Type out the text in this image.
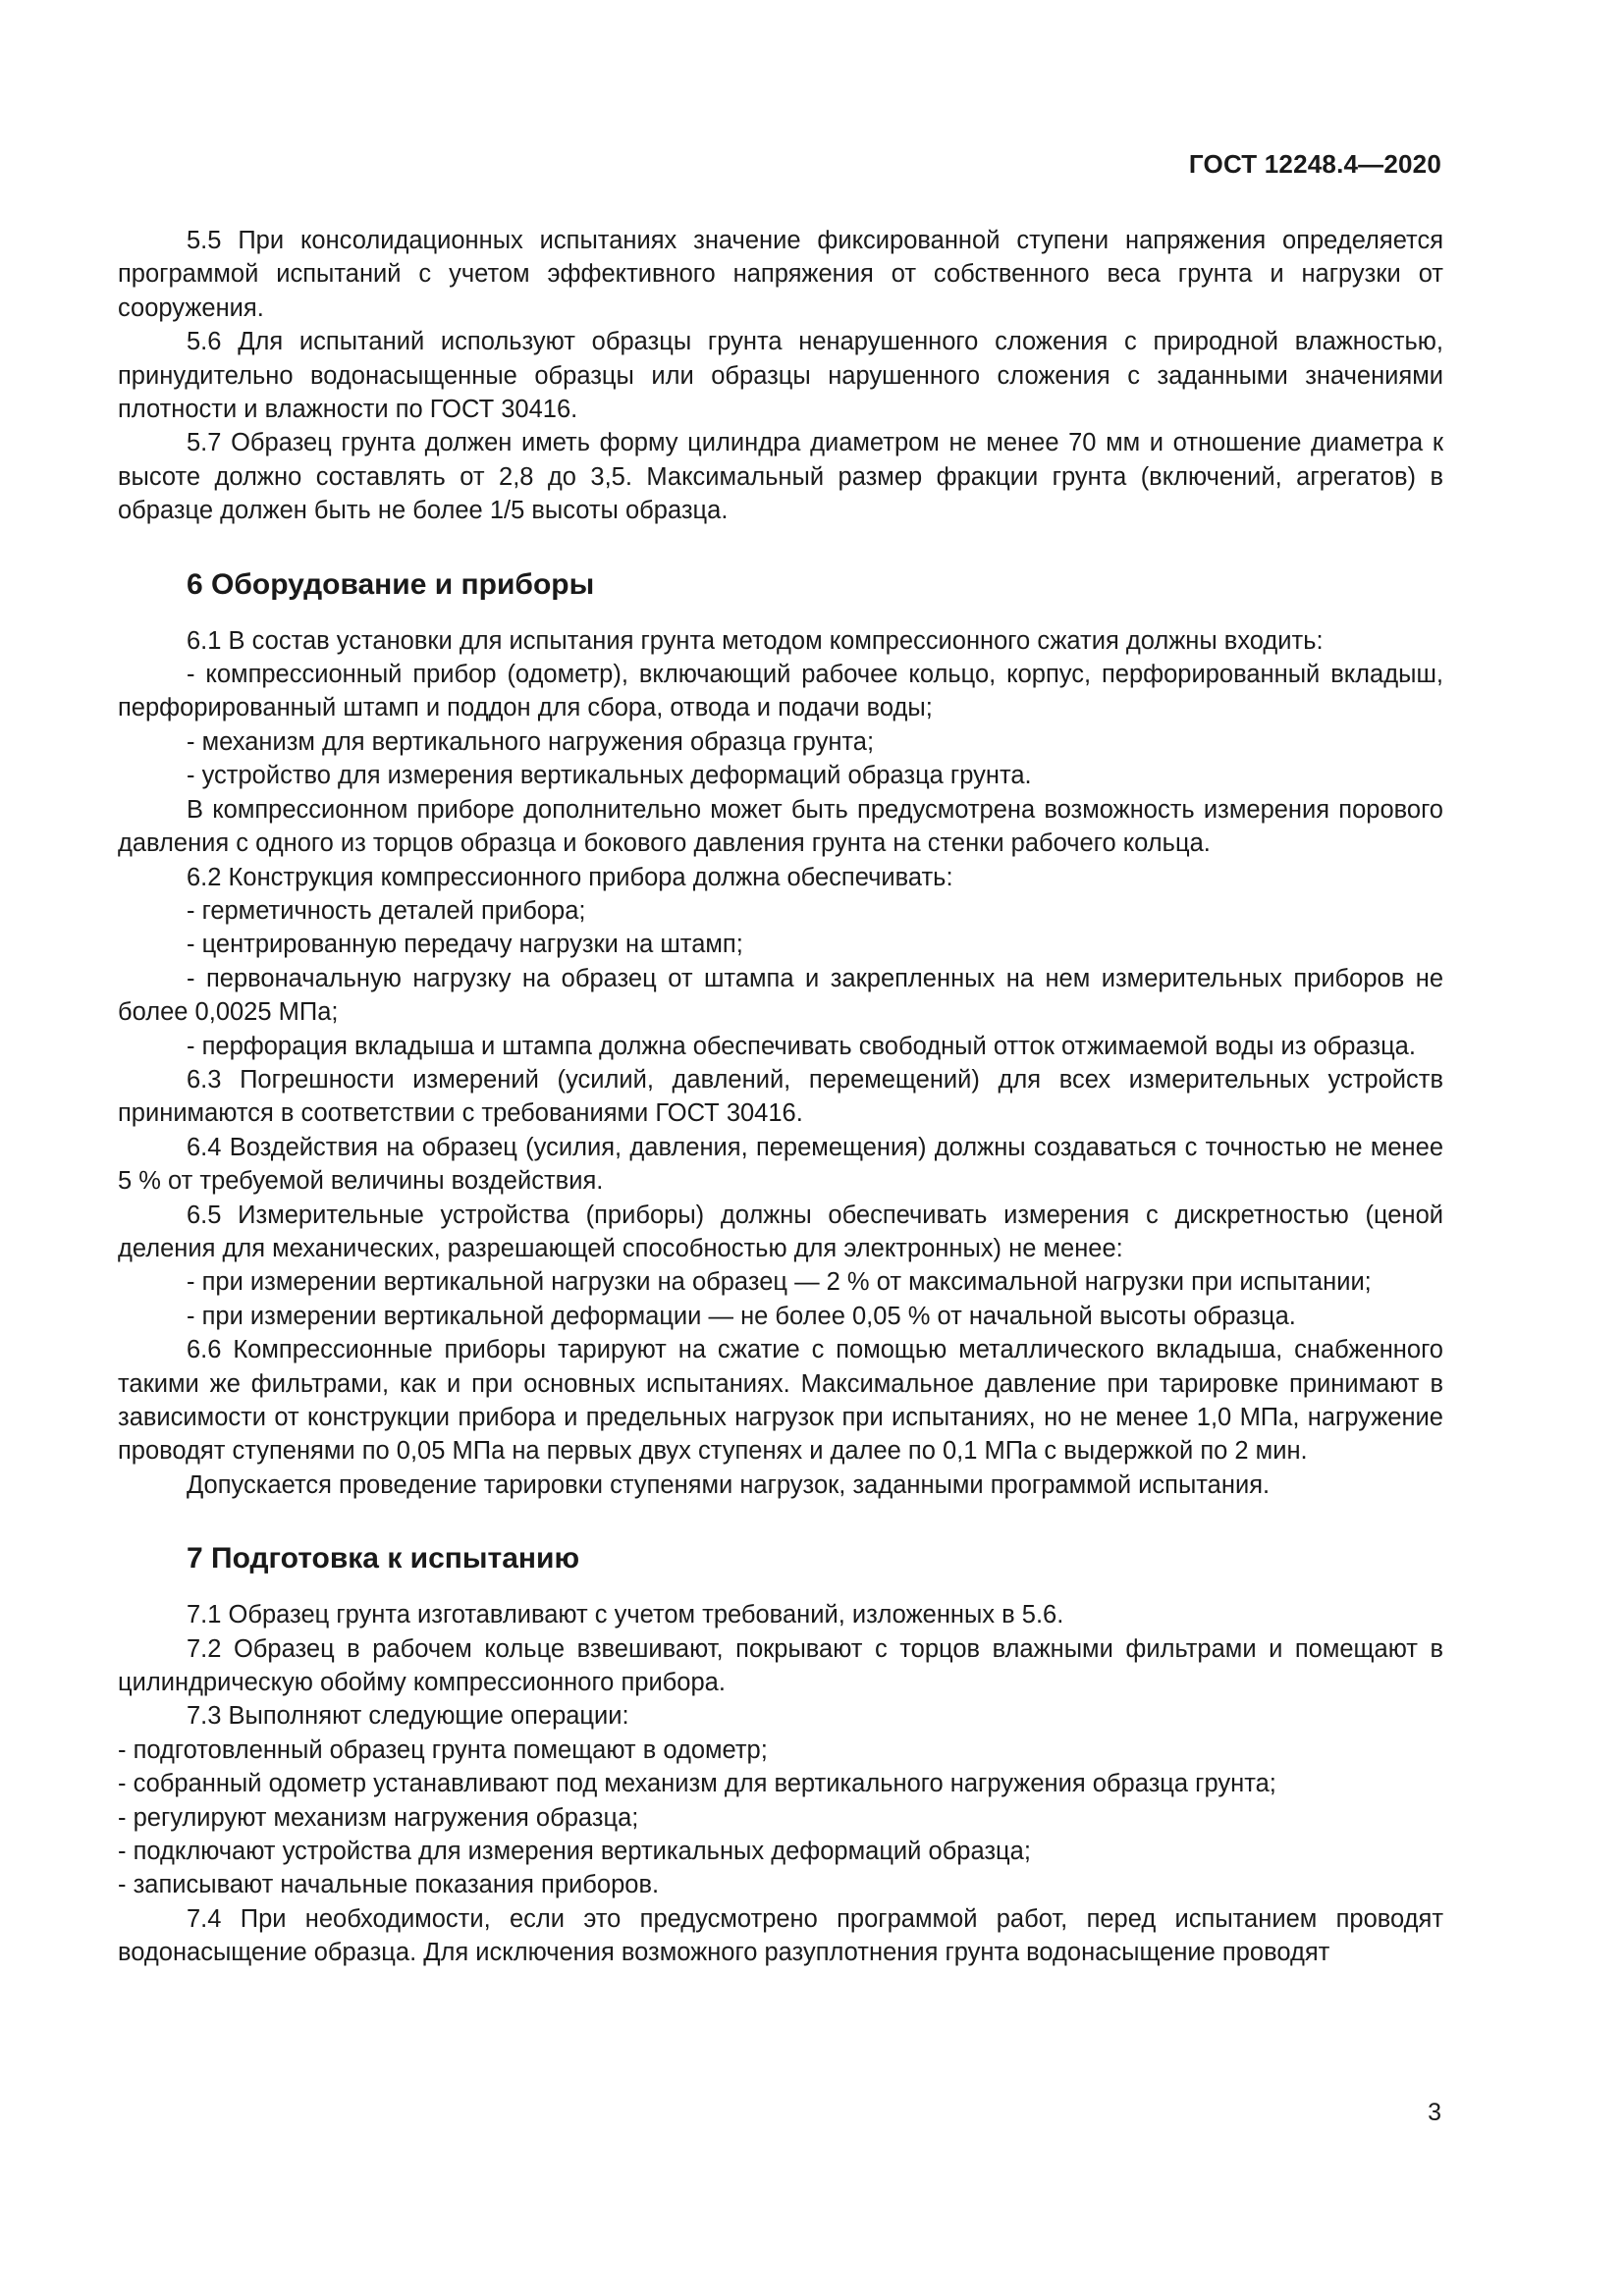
ГОСТ 12248.4—2020

5.5 При консолидационных испытаниях значение фиксированной ступени напряжения определяется программой испытаний с учетом эффективного напряжения от собственного веса грунта и нагрузки от сооружения.

5.6 Для испытаний используют образцы грунта ненарушенного сложения с природной влажностью, принудительно водонасыщенные образцы или образцы нарушенного сложения с заданными значениями плотности и влажности по ГОСТ 30416.

5.7 Образец грунта должен иметь форму цилиндра диаметром не менее 70 мм и отношение диаметра к высоте должно составлять от 2,8 до 3,5. Максимальный размер фракции грунта (включений, агрегатов) в образце должен быть не более 1/5 высоты образца.

6 Оборудование и приборы

6.1 В состав установки для испытания грунта методом компрессионного сжатия должны входить:

- компрессионный прибор (одометр), включающий рабочее кольцо, корпус, перфорированный вкладыш, перфорированный штамп и поддон для сбора, отвода и подачи воды;

- механизм для вертикального нагружения образца грунта;

- устройство для измерения вертикальных деформаций образца грунта.

В компрессионном приборе дополнительно может быть предусмотрена возможность измерения порового давления с одного из торцов образца и бокового давления грунта на стенки рабочего кольца.

6.2 Конструкция компрессионного прибора должна обеспечивать:

- герметичность деталей прибора;

- центрированную передачу нагрузки на штамп;

- первоначальную нагрузку на образец от штампа и закрепленных на нем измерительных приборов не более 0,0025 МПа;

- перфорация вкладыша и штампа должна обеспечивать свободный отток отжимаемой воды из образца.

6.3 Погрешности измерений (усилий, давлений, перемещений) для всех измерительных устройств принимаются в соответствии с требованиями ГОСТ 30416.

6.4 Воздействия на образец (усилия, давления, перемещения) должны создаваться с точностью не менее 5 % от требуемой величины воздействия.

6.5 Измерительные устройства (приборы) должны обеспечивать измерения с дискретностью (ценой деления для механических, разрешающей способностью для электронных) не менее:

- при измерении вертикальной нагрузки на образец — 2 % от максимальной нагрузки при испытании;

- при измерении вертикальной деформации — не более 0,05 % от начальной высоты образца.

6.6 Компрессионные приборы тарируют на сжатие с помощью металлического вкладыша, снабженного такими же фильтрами, как и при основных испытаниях. Максимальное давление при тарировке принимают в зависимости от конструкции прибора и предельных нагрузок при испытаниях, но не менее 1,0 МПа, нагружение проводят ступенями по 0,05 МПа на первых двух ступенях и далее по 0,1 МПа с выдержкой по 2 мин.

Допускается проведение тарировки ступенями нагрузок, заданными программой испытания.

7 Подготовка к испытанию

7.1 Образец грунта изготавливают с учетом требований, изложенных в 5.6.

7.2 Образец в рабочем кольце взвешивают, покрывают с торцов влажными фильтрами и помещают в цилиндрическую обойму компрессионного прибора.

7.3 Выполняют следующие операции:

- подготовленный образец грунта помещают в одометр;

- собранный одометр устанавливают под механизм для вертикального нагружения образца грунта;

- регулируют механизм нагружения образца;

- подключают устройства для измерения вертикальных деформаций образца;

- записывают начальные показания приборов.

7.4 При необходимости, если это предусмотрено программой работ, перед испытанием проводят водонасыщение образца. Для исключения возможного разуплотнения грунта водонасыщение проводят

3
